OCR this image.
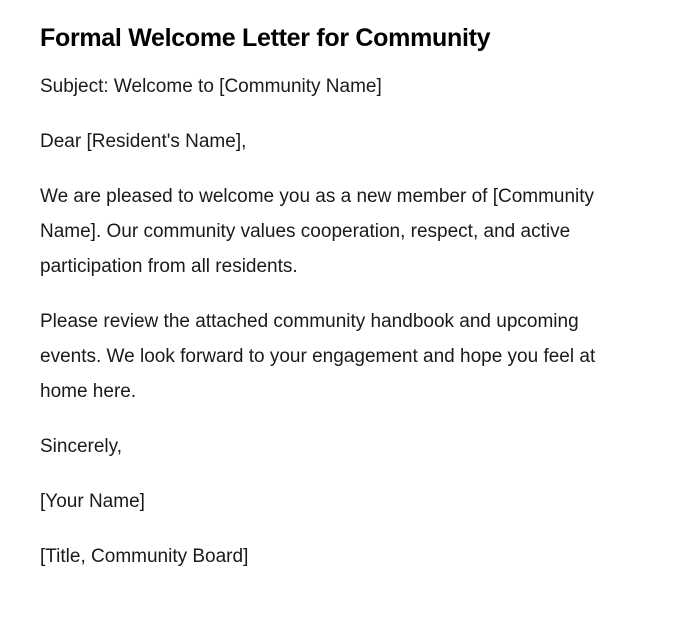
Formal Welcome Letter for Community

Subject: Welcome to [Community Name]

Dear [Resident's Name],

We are pleased to welcome you as a new member of [Community Name]. Our community values cooperation, respect, and active participation from all residents.

Please review the attached community handbook and upcoming events. We look forward to your engagement and hope you feel at home here.

Sincerely,

[Your Name]

[Title, Community Board]
